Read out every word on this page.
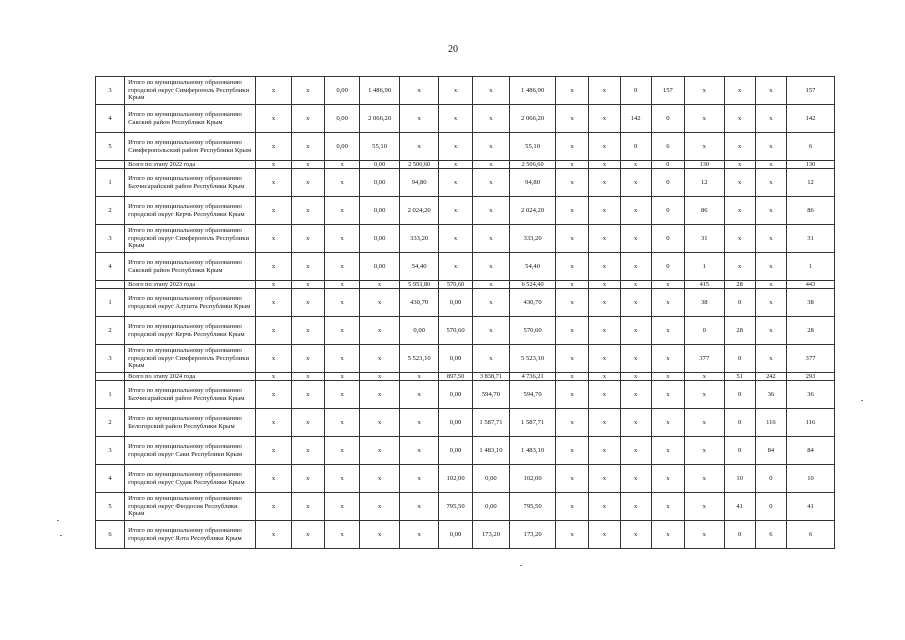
20
3	Итого по муниципальному образованию городской округ Симферополь Республики Крым	x	x	0,00	1 486,90	x	x	x	1 486,90	x	x	0	157	x	x	x	157
4	Итого по муниципальному образованию Сакский район Республики Крым	x	x	0,00	2 066,20	x	x	x	2 066,20	x	x	142	0	x	x	x	142
5	Итого по муниципальному образованию Симферопольский район Республики Крым	x	x	0,00	55,10	x	x	x	55,10	x	x	0	6	x	x	x	6
	Всего по этапу 2022 года	x	x	x	0,00	2 506,60	x	x	2 506,60	x	x	x	0	130	x	x	130
1	Итого по муниципальному образованию Бахчисарайский район Республики Крым	x	x	x	0,00	94,80	x	x	94,80	x	x	x	0	12	x	x	12
2	Итого по муниципальному образованию городской округ Керчь Республики Крым	x	x	x	0,00	2 024,20	x	x	2 024,20	x	x	x	0	86	x	x	86
3	Итого по муниципальному образованию городской округ Симферополь Республики Крым	x	x	x	0,00	333,20	x	x	333,20	x	x	x	0	31	x	x	31
4	Итого по муниципальному образованию Сакский район Республики Крым	x	x	x	0,00	54,40	x	x	54,40	x	x	x	0	1	x	x	1
	Всего по этапу 2023 года	x	x	x	x	5 953,80	570,60	x	6 524,40	x	x	x	x	415	28	x	443
1	Итого по муниципальному образованию городской округ Алушта Республики Крым	x	x	x	x	430,70	0,00	x	430,70	x	x	x	x	38	0	x	38
2	Итого по муниципальному образованию городской округ Керчь Республики Крым	x	x	x	x	0,00	570,60	x	570,60	x	x	x	x	0	28	x	28
3	Итого по муниципальному образованию городской округ Симферополь Республики Крым	x	x	x	x	5 523,10	0,00	x	5 523,10	x	x	x	x	377	0	x	377
	Всего по этапу 2024 года	x	x	x	x	x	897,50	3 838,71	4 736,21	x	x	x	x	x	51	242	293
1	Итого по муниципальному образованию Бахчисарайский район Республики Крым	x	x	x	x	x	0,00	594,70	594,70	x	x	x	x	x	0	36	36
2	Итого по муниципальному образованию Белогорский район Республики Крым	x	x	x	x	x	0,00	1 587,71	1 587,71	x	x	x	x	x	0	116	116
3	Итого по муниципальному образованию городской округ Саки Республики Крым	x	x	x	x	x	0,00	1 483,10	1 483,10	x	x	x	x	x	0	84	84
4	Итого по муниципальному образованию городской округ Судак Республики Крым	x	x	x	x	x	102,00	0,00	102,00	x	x	x	x	x	10	0	10
5	Итого по муниципальному образованию городской округ Феодосия Республики Крым	x	x	x	x	x	795,50	0,00	795,50	x	x	x	x	x	41	0	41
6	Итого по муниципальному образованию городской округ Ялта Республики Крым	x	x	x	x	x	0,00	173,20	173,20	x	x	x	x	x	0	6	6
